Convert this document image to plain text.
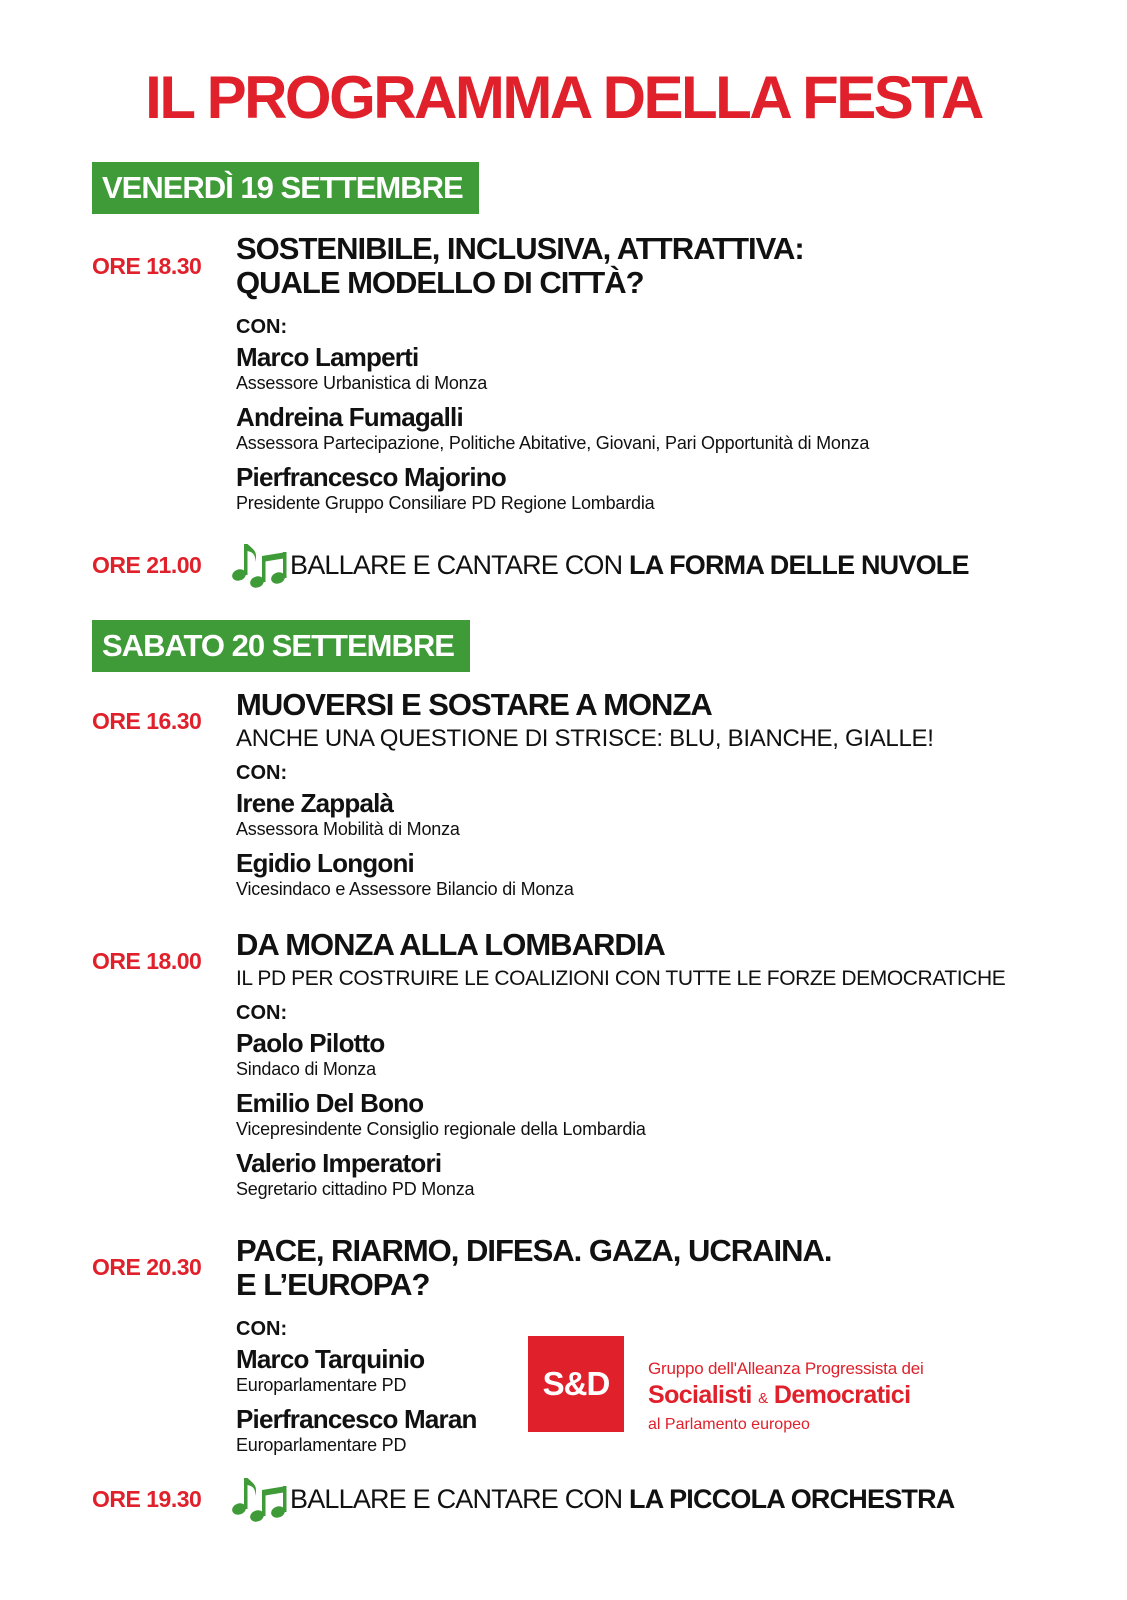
IL PROGRAMMA DELLA FESTA
VENERDÌ 19 SETTEMBRE
ORE 18.30 SOSTENIBILE, INCLUSIVA, ATTRATTIVA:
QUALE MODELLO DI CITTÀ?
CON:
Marco Lamperti
Assessore Urbanistica di Monza
Andreina Fumagalli
Assessora Partecipazione, Politiche Abitative, Giovani, Pari Opportunità di Monza
Pierfrancesco Majorino
Presidente Gruppo Consiliare PD Regione Lombardia
ORE 21.00	BALLARE E CANTARE CON LA FORMA DELLE NUVOLE
SABATO 20 SETTEMBRE
ORE 16.30 MUOVERSI E SOSTARE A MONZA
ANCHE UNA QUESTIONE DI STRISCE: BLU, BIANCHE, GIALLE!
CON:
Irene Zappalà
Assessora Mobilità di Monza
Egidio Longoni
Vicesindaco e Assessore Bilancio di Monza
ORE 18.00 DA MONZA ALLA LOMBARDIA
IL PD PER COSTRUIRE LE COALIZIONI CON TUTTE LE FORZE DEMOCRATICHE
CON:
Paolo Pilotto
Sindaco di Monza
Emilio Del Bono
Vicepresindente Consiglio regionale della Lombardia
Valerio Imperatori
Segretario cittadino PD Monza
ORE 20.30 PACE, RIARMO, DIFESA. GAZA, UCRAINA.
E L’EUROPA?
CON:
Marco Tarquinio
Europarlamentare PD
Pierfrancesco Maran
Europarlamentare PD
S&D	Gruppo dell'Alleanza Progressista dei
Socialisti & Democratici
al Parlamento europeo
ORE 19.30	BALLARE E CANTARE CON LA PICCOLA ORCHESTRA
